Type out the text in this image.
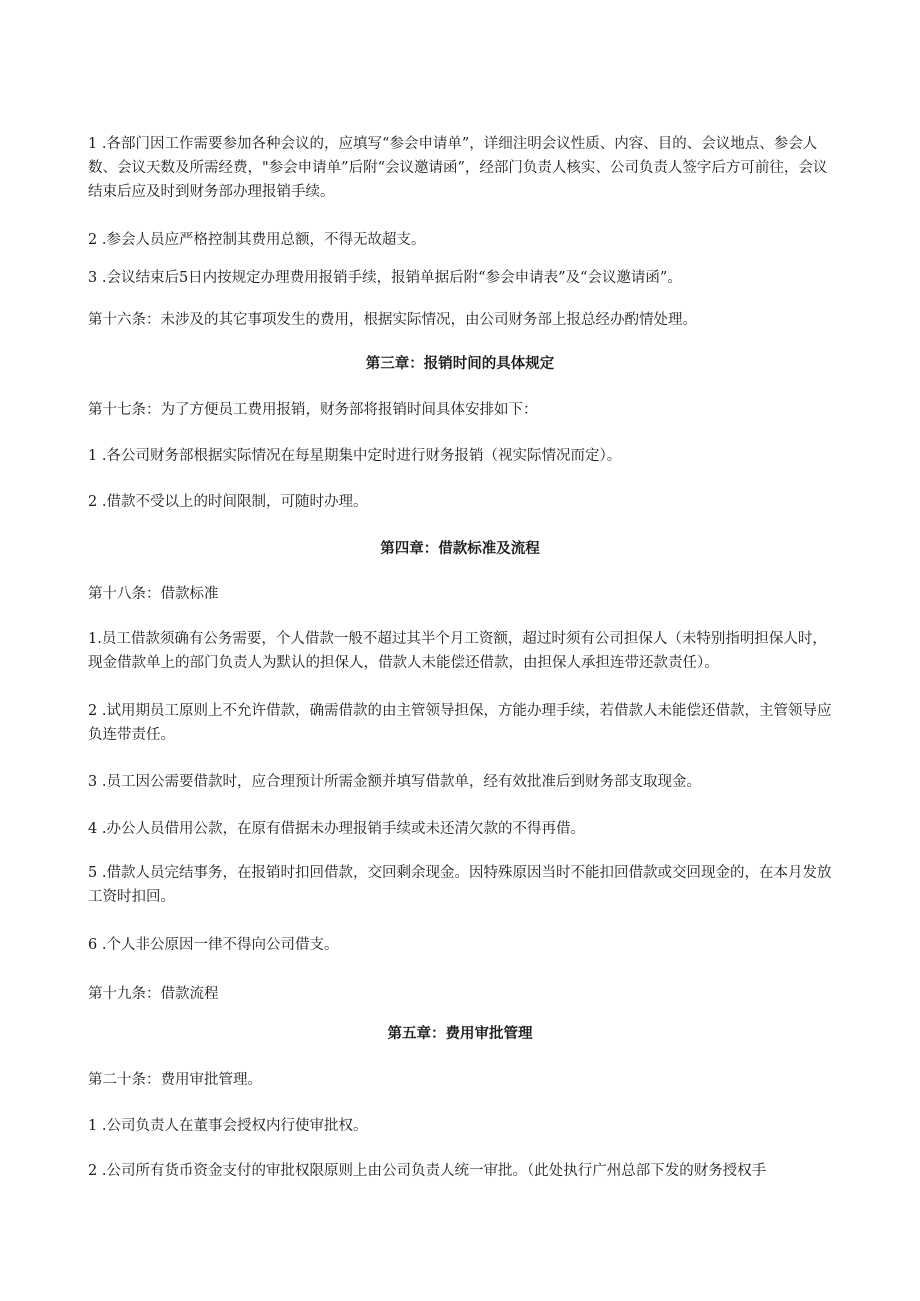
1 .各部门因工作需要参加各种会议的，应填写“参会申请单”，详细注明会议性质、内容、目的、会议地点、参会人数、会议天数及所需经费，"参会申请单”后附“会议邀请函”，经部门负责人核实、公司负责人签字后方可前往，会议结束后应及时到财务部办理报销手续。

2 .参会人员应严格控制其费用总额，不得无故超支。

3 .会议结束后5日内按规定办理费用报销手续，报销单据后附“参会申请表”及“会议邀请函”。

第十六条：未涉及的其它事项发生的费用，根据实际情况，由公司财务部上报总经办酌情处理。

第三章：报销时间的具体规定

第十七条：为了方便员工费用报销，财务部将报销时间具体安排如下：

1 .各公司财务部根据实际情况在每星期集中定时进行财务报销（视实际情况而定）。

2 .借款不受以上的时间限制，可随时办理。

第四章：借款标准及流程

第十八条：借款标准

1.员工借款须确有公务需要，个人借款一般不超过其半个月工资额，超过时须有公司担保人（未特别指明担保人时，现金借款单上的部门负责人为默认的担保人，借款人未能偿还借款，由担保人承担连带还款责任）。

2 .试用期员工原则上不允许借款，确需借款的由主管领导担保，方能办理手续，若借款人未能偿还借款，主管领导应负连带责任。

3 .员工因公需要借款时，应合理预计所需金额并填写借款单，经有效批准后到财务部支取现金。

4 .办公人员借用公款，在原有借据未办理报销手续或未还清欠款的不得再借。

5 .借款人员完结事务，在报销时扣回借款，交回剩余现金。因特殊原因当时不能扣回借款或交回现金的，在本月发放工资时扣回。

6 .个人非公原因一律不得向公司借支。

第十九条：借款流程

第五章：费用审批管理

第二十条：费用审批管理。

1 .公司负责人在董事会授权内行使审批权。

2 .公司所有货币资金支付的审批权限原则上由公司负责人统一审批。（此处执行广州总部下发的财务授权手
